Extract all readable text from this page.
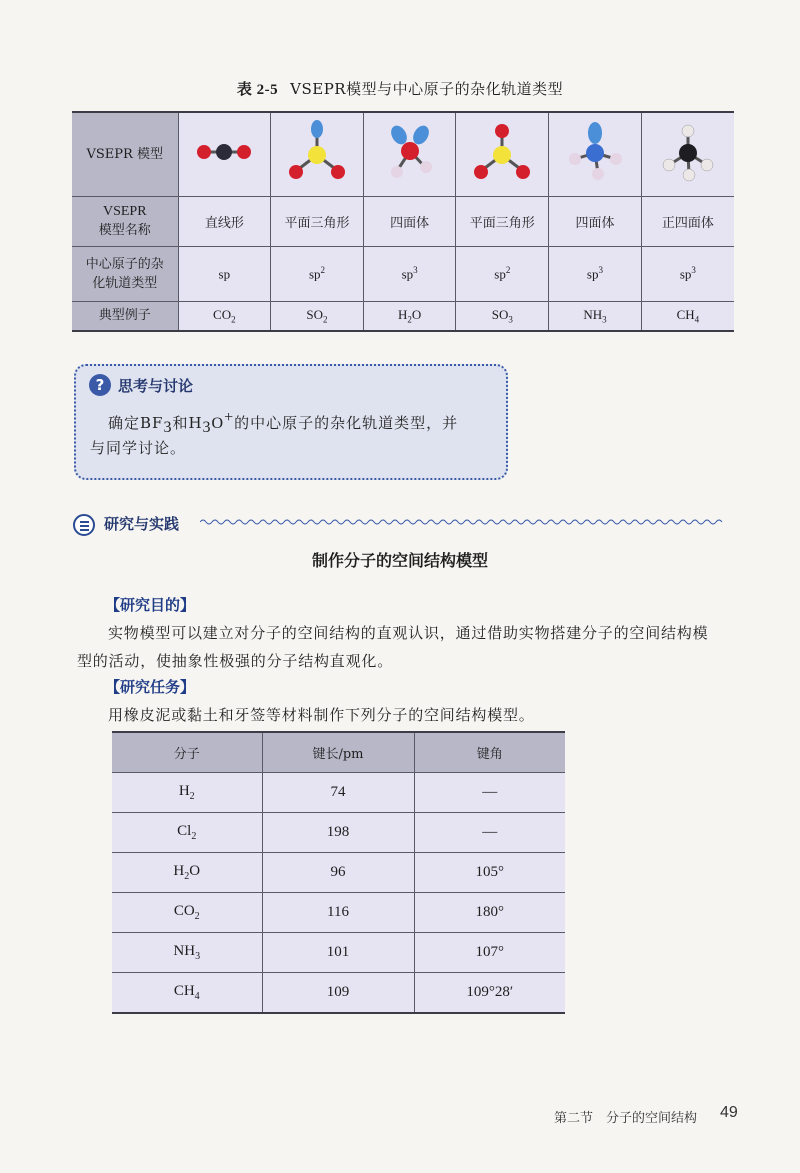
表 2-5 VSEPR模型与中心原子的杂化轨道类型
VSEPR 模型						
VSEPR
模型名称	直线形	平面三角形	四面体	平面三角形	四面体	正四面体
中心原子的杂
化轨道类型	sp	$sp^2$	$sp^3$	$sp^2$	$sp^3$	$sp^3$
典型例子	$CO_2$	$SO_2$	$H_2O$	$SO_3$	$NH_3$	$CH_4$
? 思考与讨论
确定$BF_3$和$H_3O^+$的中心原子的杂化轨道类型，并
与同学讨论。
研究与实践
制作分子的空间结构模型
【研究目的】
实物模型可以建立对分子的空间结构的直观认识，通过借助实物搭建分子的空间结构模
型的活动，使抽象性极强的分子结构直观化。
【研究任务】
用橡皮泥或黏土和牙签等材料制作下列分子的空间结构模型。
分子	键长/pm	键角
$H_2$	74	—
$Cl_2$	198	—
$H_2O$	96	105°
$CO_2$	116	180°
$NH_3$	101	107°
$CH_4$	109	109°28′
第二节　分子的空间结构 49
